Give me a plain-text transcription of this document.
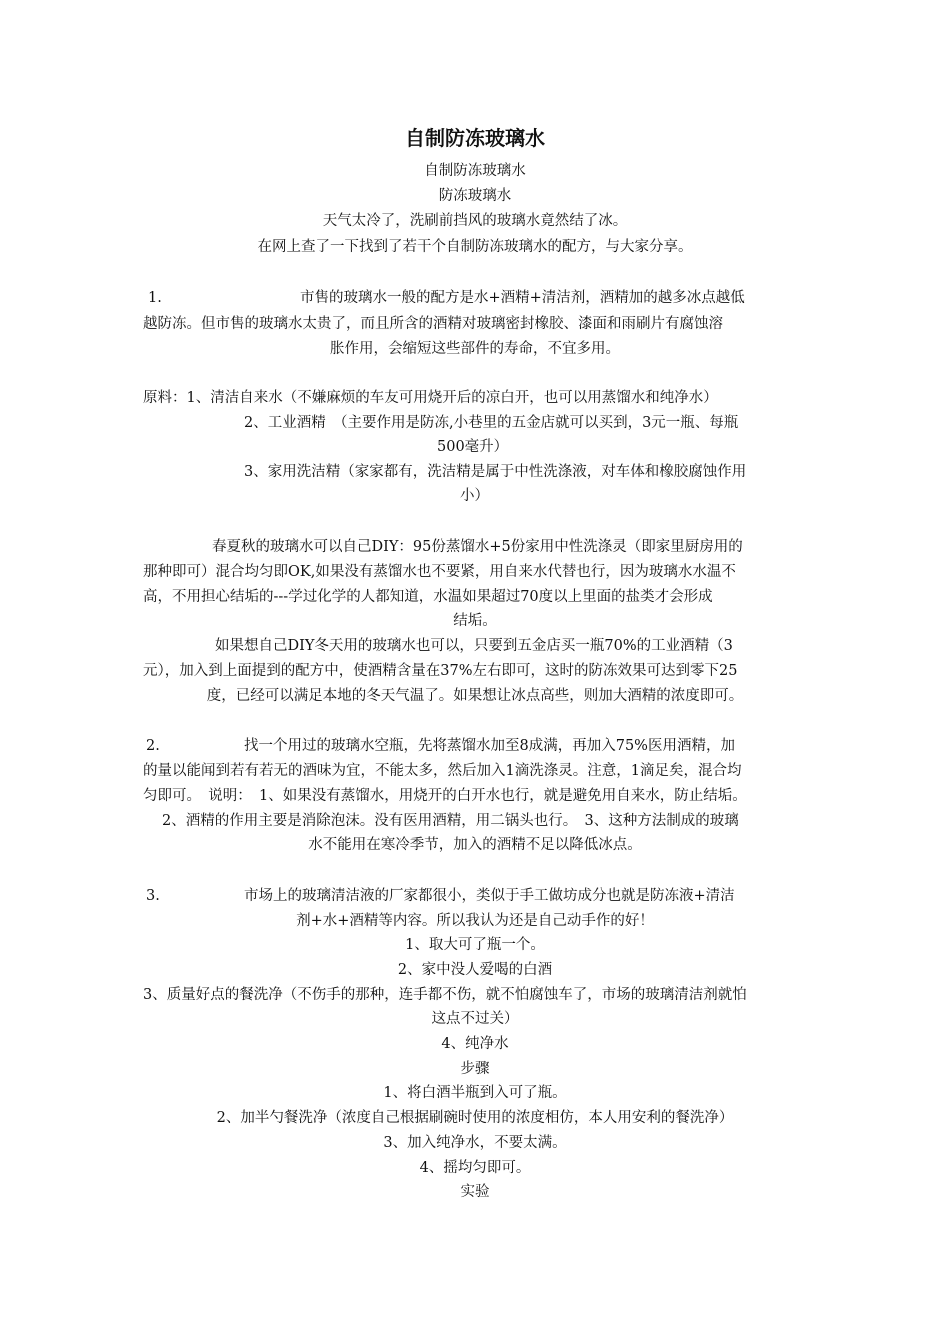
自制防冻玻璃水
自制防冻玻璃水
防冻玻璃水
天气太冷了，洗刷前挡风的玻璃水竟然结了冰。
在网上查了一下找到了若干个自制防冻玻璃水的配方，与大家分享。
1.	市售的玻璃水一般的配方是水+酒精+清洁剂，酒精加的越多冰点越低
越防冻。但市售的玻璃水太贵了，而且所含的酒精对玻璃密封橡胶、漆面和雨刷片有腐蚀溶
胀作用，会缩短这些部件的寿命，不宜多用。
原料：1、清洁自来水（不嫌麻烦的车友可用烧开后的凉白开，也可以用蒸馏水和纯净水）
2、工业酒精　（主要作用是防冻,小巷里的五金店就可以买到，3元一瓶、每瓶
500毫升）
3、家用洗洁精（家家都有，洗洁精是属于中性洗涤液，对车体和橡胶腐蚀作用
小）
春夏秋的玻璃水可以自己DIY：95份蒸馏水+5份家用中性洗涤灵（即家里厨房用的
那种即可）混合均匀即OK,如果没有蒸馏水也不要紧，用自来水代替也行，因为玻璃水水温不
高，不用担心结垢的---学过化学的人都知道，水温如果超过70度以上里面的盐类才会形成
结垢。
如果想自己DIY冬天用的玻璃水也可以，只要到五金店买一瓶70%的工业酒精（3
元），加入到上面提到的配方中，使酒精含量在37%左右即可，这时的防冻效果可达到零下25
度，已经可以满足本地的冬天气温了。如果想让冰点高些，则加大酒精的浓度即可。
2.	找一个用过的玻璃水空瓶，先将蒸馏水加至8成满，再加入75%医用酒精，加
的量以能闻到若有若无的酒味为宜，不能太多，然后加入1滴洗涤灵。注意，1滴足矣，混合均
匀即可。　说明：　1、如果没有蒸馏水，用烧开的白开水也行，就是避免用自来水，防止结垢。
2、酒精的作用主要是消除泡沫。没有医用酒精，用二锅头也行。　3、这种方法制成的玻璃
水不能用在寒冷季节，加入的酒精不足以降低冰点。
3.	市场上的玻璃清洁液的厂家都很小，类似于手工做坊成分也就是防冻液+清洁
剂+水+酒精等内容。所以我认为还是自己动手作的好！
1、取大可了瓶一个。
2、家中没人爱喝的白酒
3、质量好点的餐洗净（不伤手的那种，连手都不伤，就不怕腐蚀车了，市场的玻璃清洁剂就怕
这点不过关）
4、纯净水
步骤
1、将白酒半瓶到入可了瓶。
2、加半勺餐洗净（浓度自己根据刷碗时使用的浓度相仿，本人用安利的餐洗净）
3、加入纯净水，不要太满。
4、摇均匀即可。
实验
